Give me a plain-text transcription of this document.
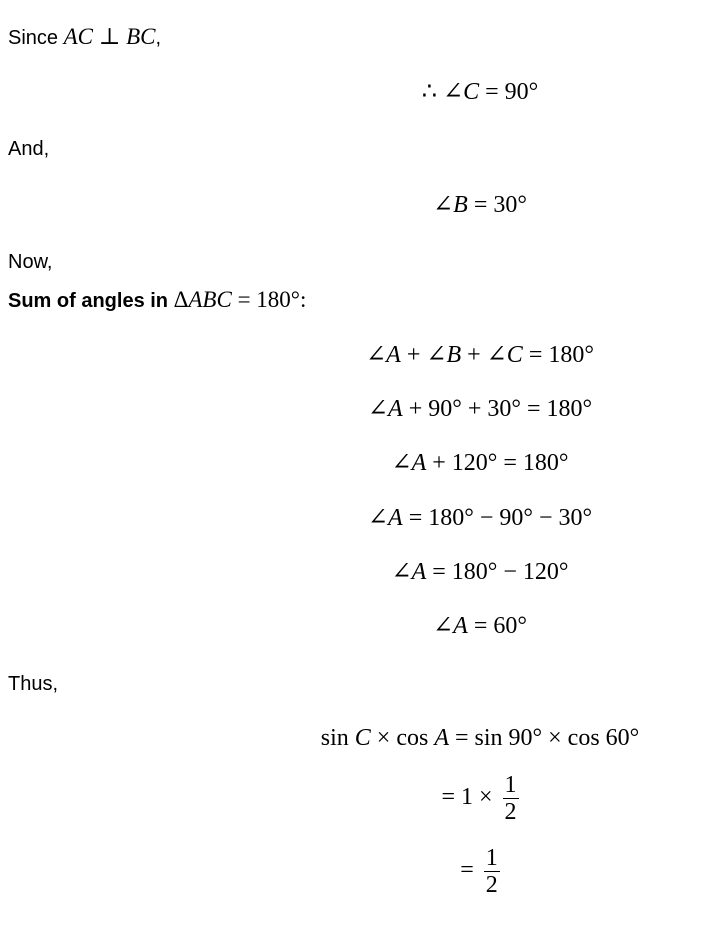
Since AC ⊥ BC,
∴ ∠C = 90°
And,
∠B = 30°
Now,
Sum of angles in ΔABC = 180°:
∠A + ∠B + ∠C = 180°
∠A + 90° + 30° = 180°
∠A + 120° = 180°
∠A = 180° − 90° − 30°
∠A = 180° − 120°
∠A = 60°
Thus,
sin C × cos A = sin 90° × cos 60°
= $1 \times \frac{1}{2}$
= $\frac{1}{2}$
